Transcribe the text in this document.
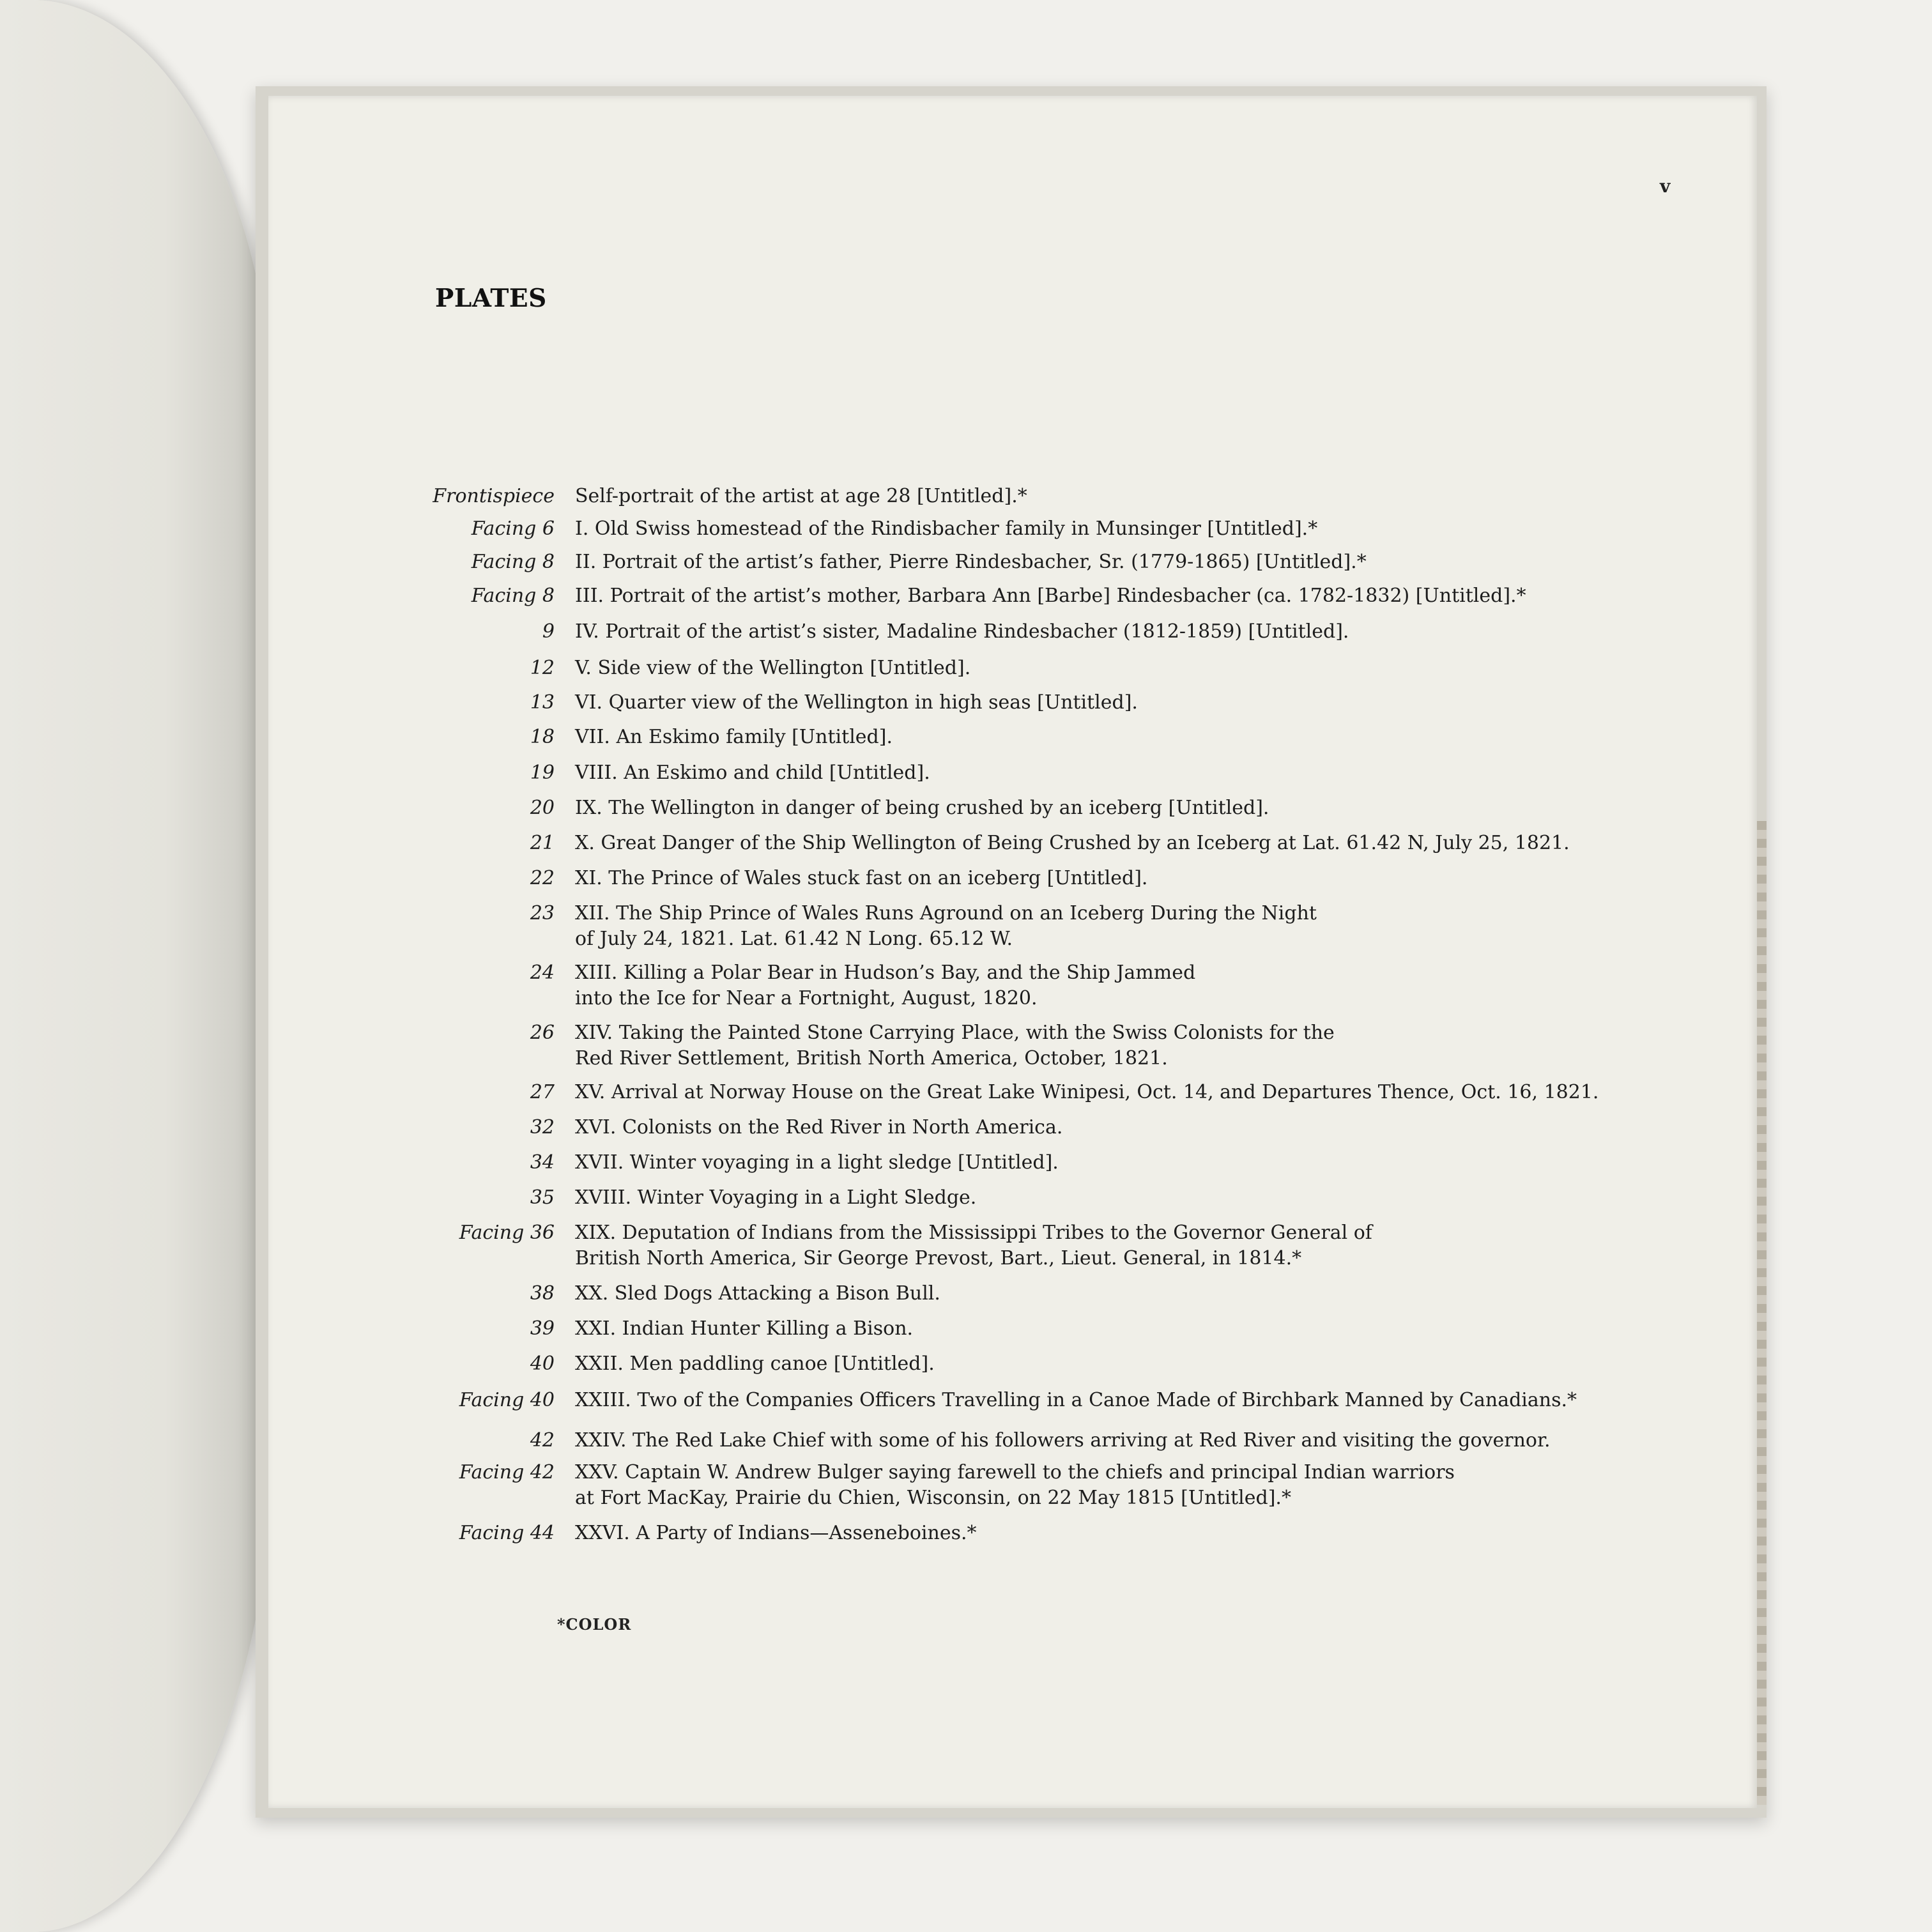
v
PLATES
Frontispiece Self-portrait of the artist at age 28 [Untitled].*
Facing 6 I. Old Swiss homestead of the Rindisbacher family in Munsinger [Untitled].*
Facing 8 II. Portrait of the artist’s father, Pierre Rindesbacher, Sr. (1779-1865) [Untitled].*
Facing 8 III. Portrait of the artist’s mother, Barbara Ann [Barbe] Rindesbacher (ca. 1782-1832) [Untitled].*
9 IV. Portrait of the artist’s sister, Madaline Rindesbacher (1812-1859) [Untitled].
12 V. Side view of the Wellington [Untitled].
13 VI. Quarter view of the Wellington in high seas [Untitled].
18 VII. An Eskimo family [Untitled].
19 VIII. An Eskimo and child [Untitled].
20 IX. The Wellington in danger of being crushed by an iceberg [Untitled].
21 X. Great Danger of the Ship Wellington of Being Crushed by an Iceberg at Lat. 61.42 N, July 25, 1821.
22 XI. The Prince of Wales stuck fast on an iceberg [Untitled].
23 XII. The Ship Prince of Wales Runs Aground on an Iceberg During the Night
of July 24, 1821. Lat. 61.42 N Long. 65.12 W.
24 XIII. Killing a Polar Bear in Hudson’s Bay, and the Ship Jammed
into the Ice for Near a Fortnight, August, 1820.
26 XIV. Taking the Painted Stone Carrying Place, with the Swiss Colonists for the
Red River Settlement, British North America, October, 1821.
27 XV. Arrival at Norway House on the Great Lake Winipesi, Oct. 14, and Departures Thence, Oct. 16, 1821.
32 XVI. Colonists on the Red River in North America.
34 XVII. Winter voyaging in a light sledge [Untitled].
35 XVIII. Winter Voyaging in a Light Sledge.
Facing 36 XIX. Deputation of Indians from the Mississippi Tribes to the Governor General of
British North America, Sir George Prevost, Bart., Lieut. General, in 1814.*
38 XX. Sled Dogs Attacking a Bison Bull.
39 XXI. Indian Hunter Killing a Bison.
40 XXII. Men paddling canoe [Untitled].
Facing 40 XXIII. Two of the Companies Officers Travelling in a Canoe Made of Birchbark Manned by Canadians.*
42 XXIV. The Red Lake Chief with some of his followers arriving at Red River and visiting the governor.
Facing 42 XXV. Captain W. Andrew Bulger saying farewell to the chiefs and principal Indian warriors
at Fort MacKay, Prairie du Chien, Wisconsin, on 22 May 1815 [Untitled].*
Facing 44 XXVI. A Party of Indians—Asseneboines.*
*COLOR
